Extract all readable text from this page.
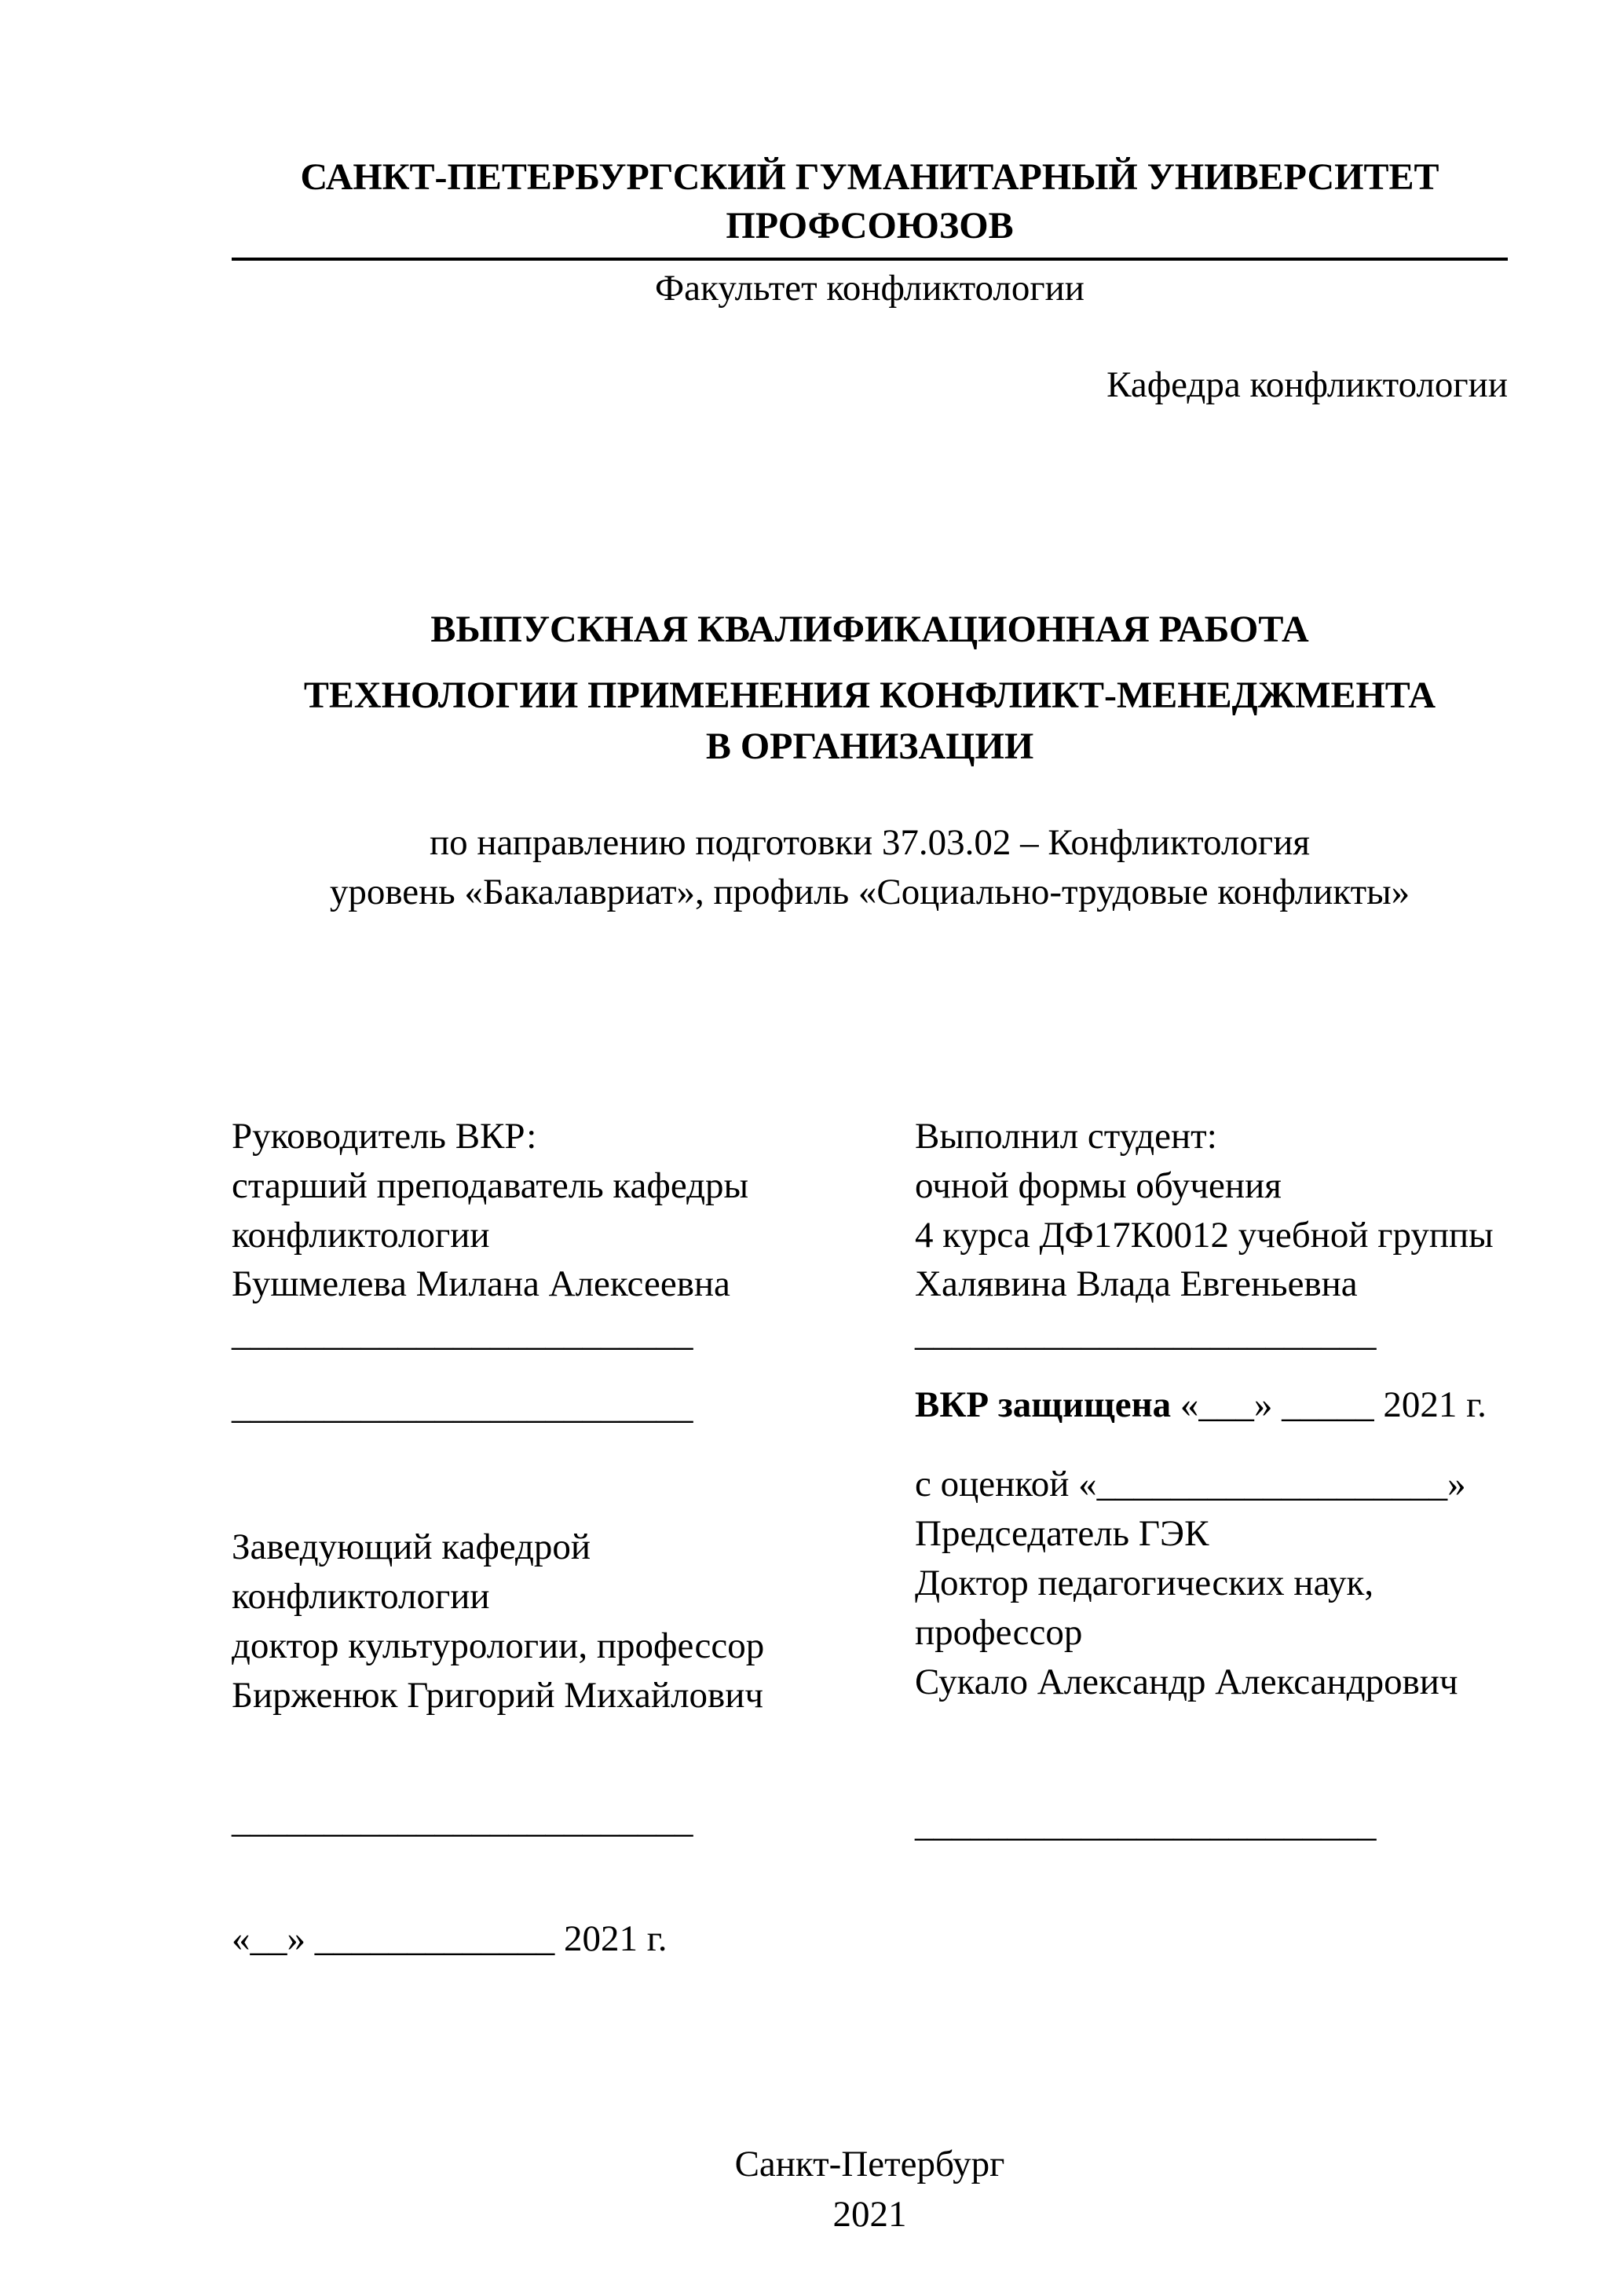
САНКТ-ПЕТЕРБУРГСКИЙ ГУМАНИТАРНЫЙ УНИВЕРСИТЕТ ПРОФСОЮЗОВ
Факультет конфликтологии
Кафедра конфликтологии
ВЫПУСКНАЯ КВАЛИФИКАЦИОННАЯ РАБОТА
ТЕХНОЛОГИИ ПРИМЕНЕНИЯ КОНФЛИКТ-МЕНЕДЖМЕНТА В ОРГАНИЗАЦИИ
по направлению подготовки 37.03.02 – Конфликтология
уровень «Бакалавриат», профиль «Социально-трудовые конфликты»
Руководитель ВКР:
старший преподаватель кафедры
конфликтологии
Бушмелева Милана Алексеевна
_________________________
_________________________
Заведующий кафедрой
конфликтологии
доктор культурологии, профессор
Бирженюк Григорий Михайлович
_________________________
«__» _____________ 2021 г.
Выполнил студент:
очной формы обучения
4 курса ДФ17К0012 учебной группы
Халявина Влада Евгеньевна
_________________________
ВКР защищена «___» _____ 2021 г.
с оценкой «___________________»
Председатель ГЭК
Доктор педагогических наук,
профессор
Сукало Александр Александрович
_________________________
Санкт-Петербург
2021
